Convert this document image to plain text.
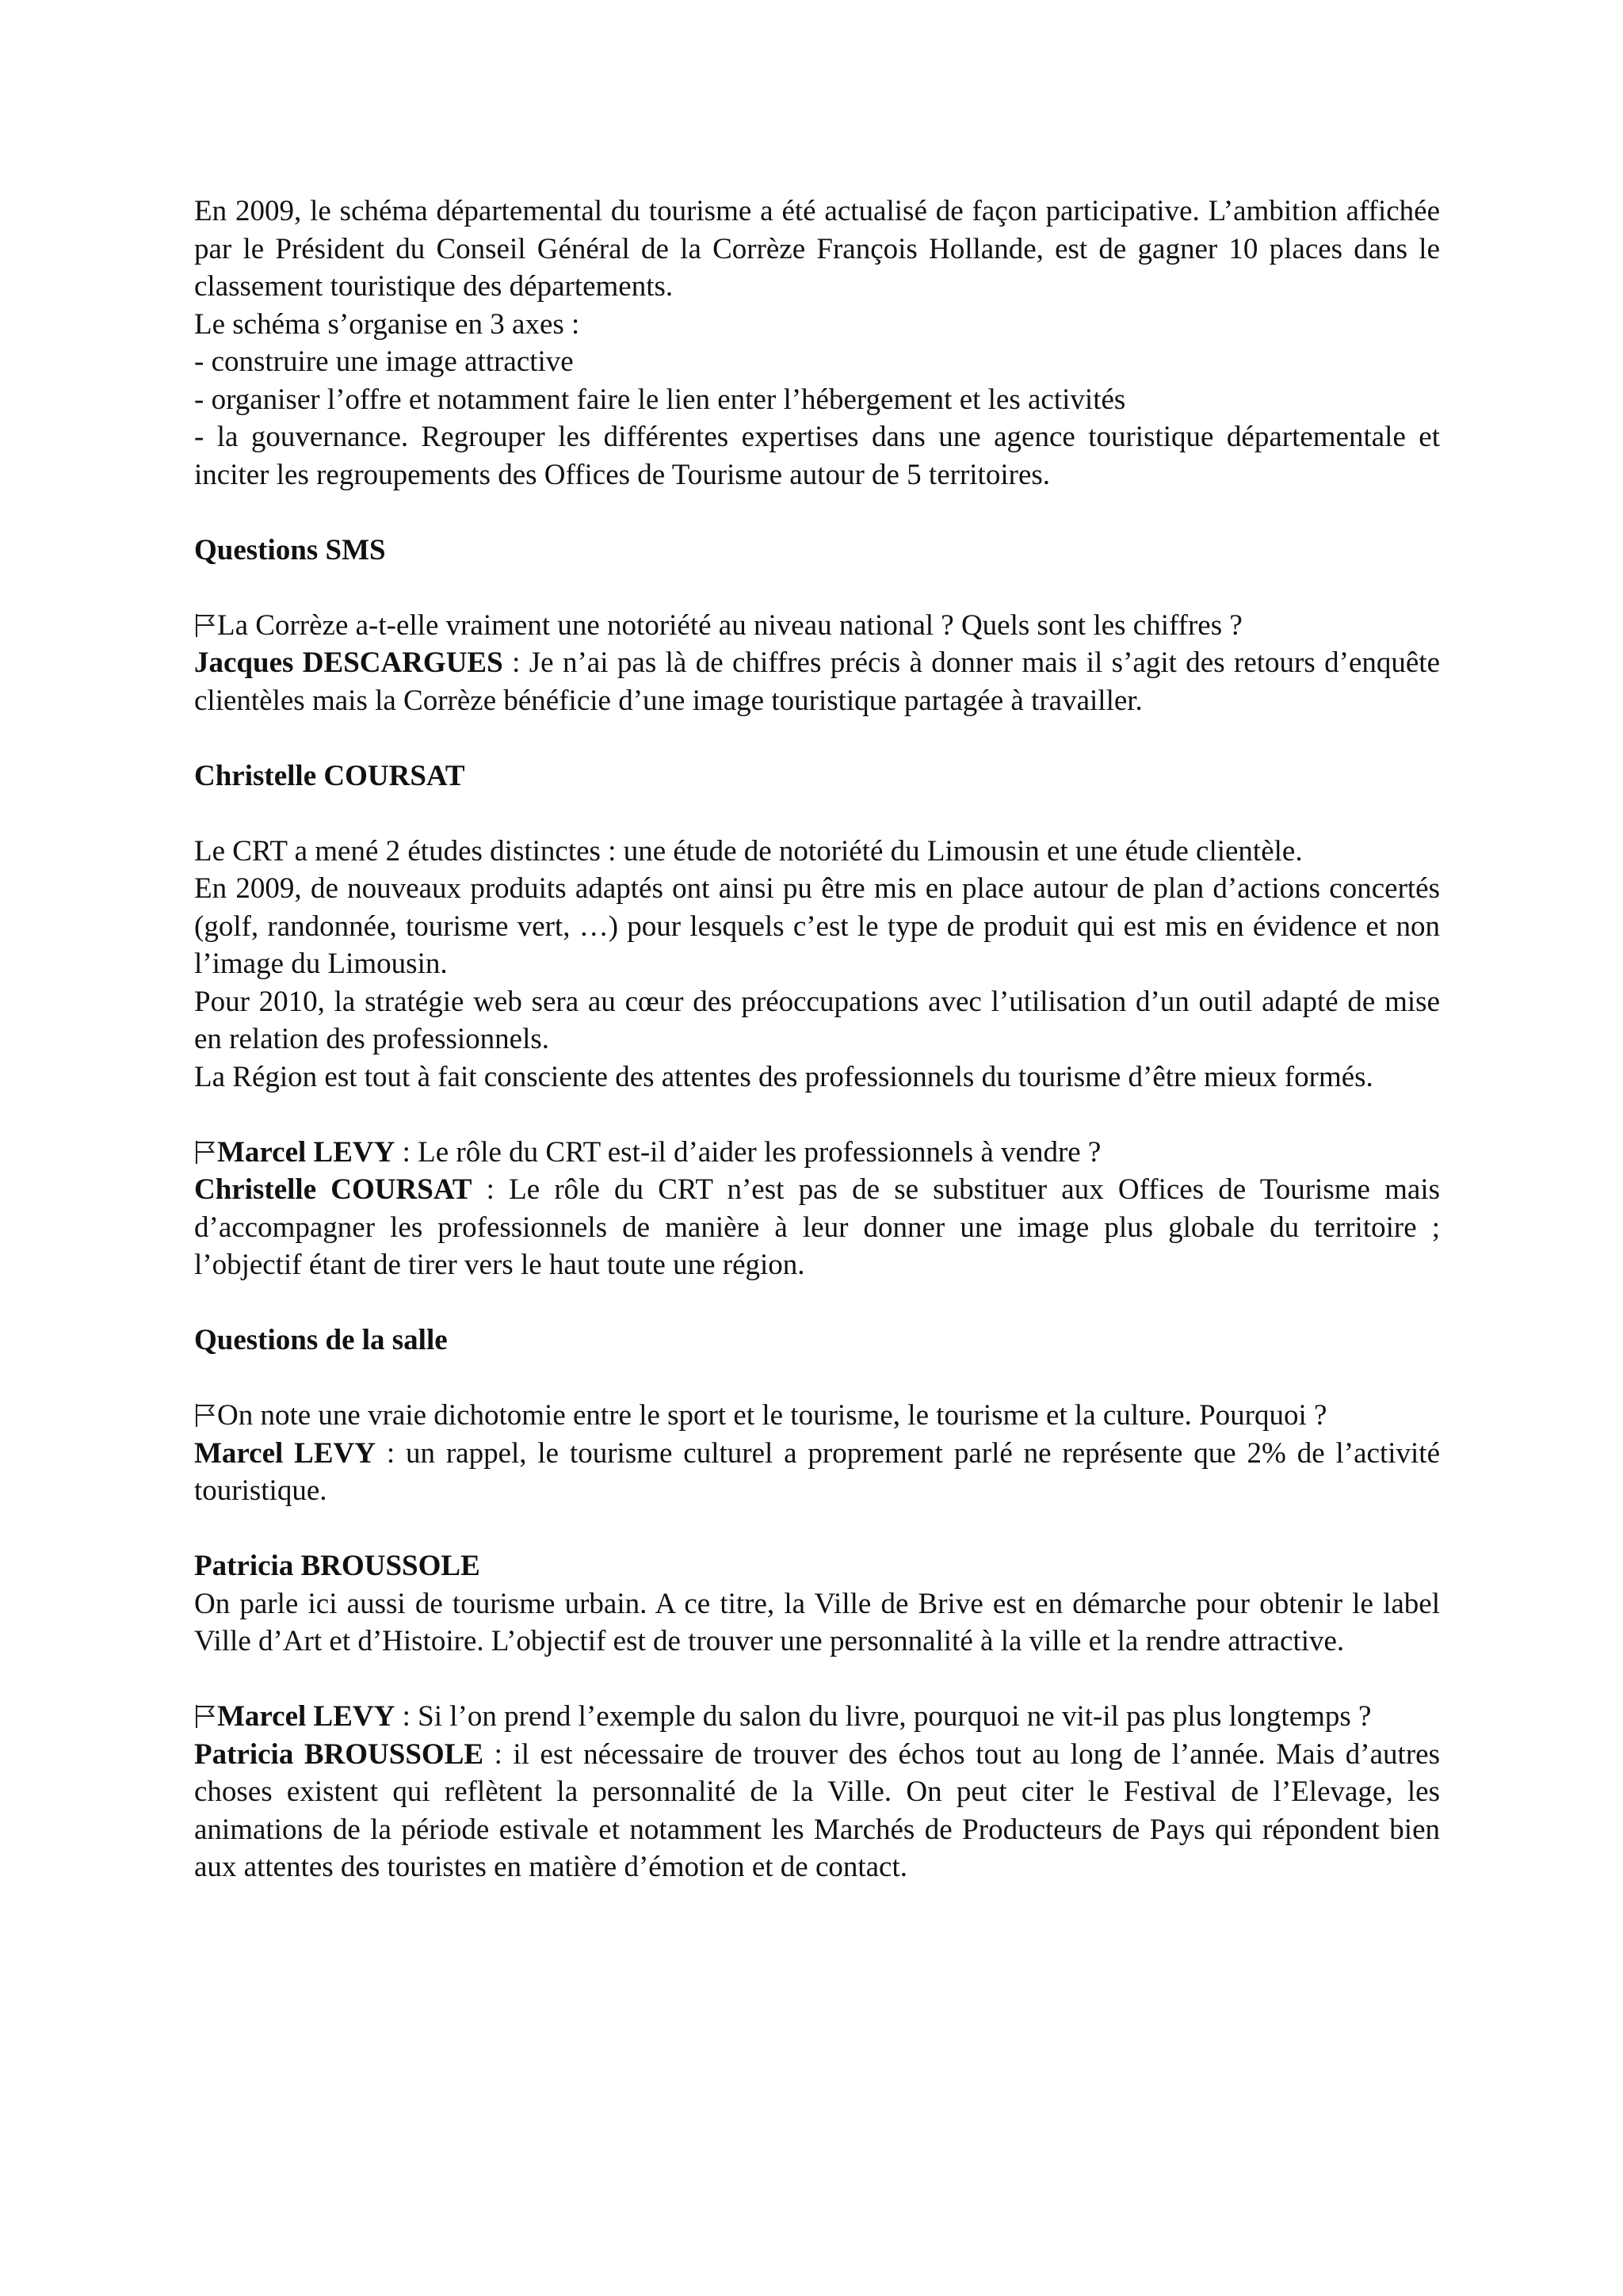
En 2009, le schéma départemental du tourisme a été actualisé de façon participative. L’ambition affichée par le Président du Conseil Général de la Corrèze François Hollande, est de gagner 10 places dans le classement touristique des départements.

Le schéma s’organise en 3 axes :

- construire une image attractive

- organiser l’offre et notamment faire le lien enter l’hébergement et les activités

- la gouvernance. Regrouper les différentes expertises dans une agence touristique départementale et inciter les regroupements des Offices de Tourisme autour de 5 territoires.

Questions SMS

La Corrèze a-t-elle vraiment une notoriété au niveau national ? Quels sont les chiffres ?

Jacques DESCARGUES : Je n’ai pas là de chiffres précis à donner mais il s’agit des retours d’enquête clientèles mais la Corrèze bénéficie d’une image touristique partagée à travailler.

Christelle COURSAT

Le CRT a mené 2 études distinctes : une étude de notoriété du Limousin et une étude clientèle.

En 2009, de nouveaux produits adaptés ont ainsi pu être mis en place autour de plan d’actions concertés (golf, randonnée, tourisme vert, …) pour lesquels c’est le type de produit qui est mis en évidence et non l’image du Limousin.

Pour 2010, la stratégie web sera au cœur des préoccupations avec l’utilisation d’un outil adapté de mise en relation des professionnels.

La Région est tout à fait consciente des attentes des professionnels du tourisme d’être mieux formés.

Marcel LEVY : Le rôle du CRT est-il d’aider les professionnels à vendre ?

Christelle COURSAT : Le rôle du CRT n’est pas de se substituer aux Offices de Tourisme mais d’accompagner les professionnels de manière à leur donner une image plus globale du territoire ; l’objectif étant de tirer vers le haut toute une région.

Questions de la salle

On note une vraie dichotomie entre le sport et le tourisme, le tourisme et la culture. Pourquoi ?

Marcel LEVY : un rappel, le tourisme culturel a proprement parlé ne représente que 2% de l’activité touristique.

Patricia BROUSSOLE

On parle ici aussi de tourisme urbain. A ce titre, la Ville de Brive est en démarche pour obtenir le label Ville d’Art et d’Histoire. L’objectif est de trouver une personnalité à la ville et la rendre attractive.

Marcel LEVY : Si l’on prend l’exemple du salon du livre, pourquoi ne vit-il pas plus longtemps ?

Patricia BROUSSOLE : il est nécessaire de trouver des échos tout au long de l’année. Mais d’autres choses existent qui reflètent la personnalité de la Ville. On peut citer le Festival de l’Elevage, les animations de la période estivale et notamment les Marchés de Producteurs de Pays qui répondent bien aux attentes des touristes en matière d’émotion et de contact.
